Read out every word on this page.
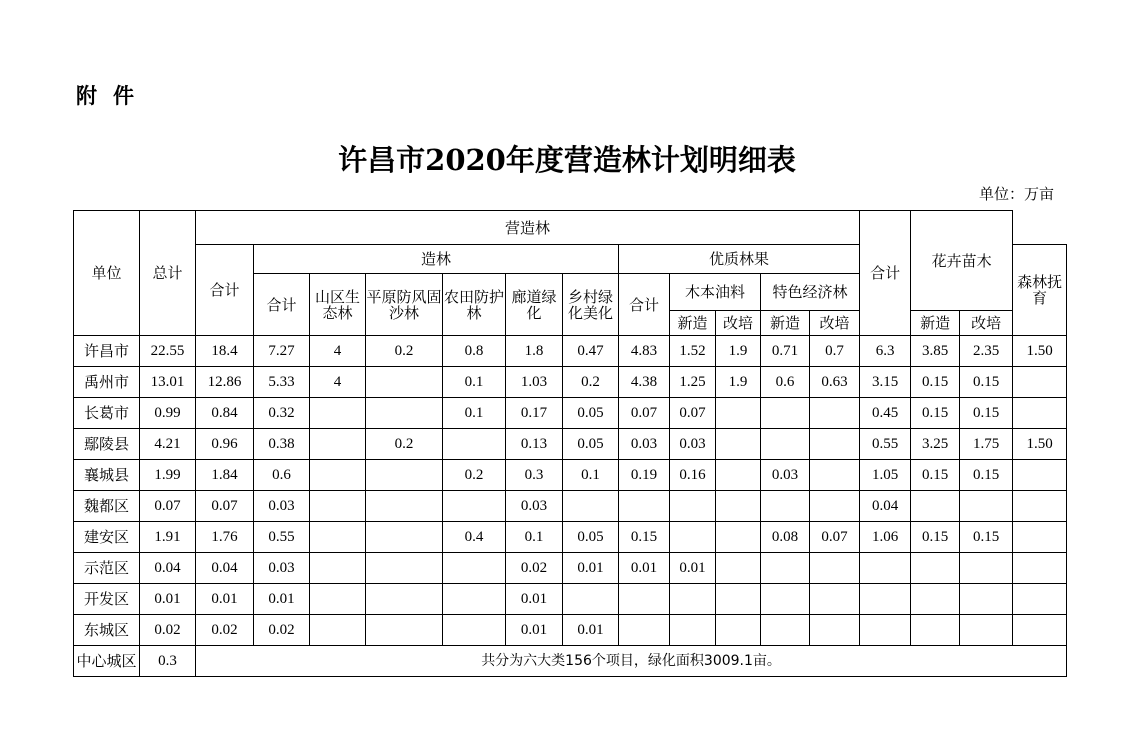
附件
许昌市2020年度营造林计划明细表
单位：万亩
单位	总计	营造林												合计	花卉苗木		
		合计	造林						优质林果								森林抚育
			合计	山区生态林	平原防风固沙林	农田防护林	廊道绿化	乡村绿化美化	合计	木本油料		特色经济林					
										新造	改培	新造	改培		新造	改培	
许昌市	22.55	18.4	7.27	4	0.2	0.8	1.8	0.47	4.83	1.52	1.9	0.71	0.7	6.3	3.85	2.35	1.50
禹州市	13.01	12.86	5.33	4		0.1	1.03	0.2	4.38	1.25	1.9	0.6	0.63	3.15	0.15	0.15	
长葛市	0.99	0.84	0.32			0.1	0.17	0.05	0.07	0.07				0.45	0.15	0.15	
鄢陵县	4.21	0.96	0.38		0.2		0.13	0.05	0.03	0.03				0.55	3.25	1.75	1.50
襄城县	1.99	1.84	0.6			0.2	0.3	0.1	0.19	0.16		0.03		1.05	0.15	0.15	
魏都区	0.07	0.07	0.03				0.03							0.04			
建安区	1.91	1.76	0.55			0.4	0.1	0.05	0.15			0.08	0.07	1.06	0.15	0.15	
示范区	0.04	0.04	0.03				0.02	0.01	0.01	0.01							
开发区	0.01	0.01	0.01				0.01										
东城区	0.02	0.02	0.02				0.01	0.01									
中心城区	0.3	共分为六大类156个项目，绿化面积3009.1亩。															
